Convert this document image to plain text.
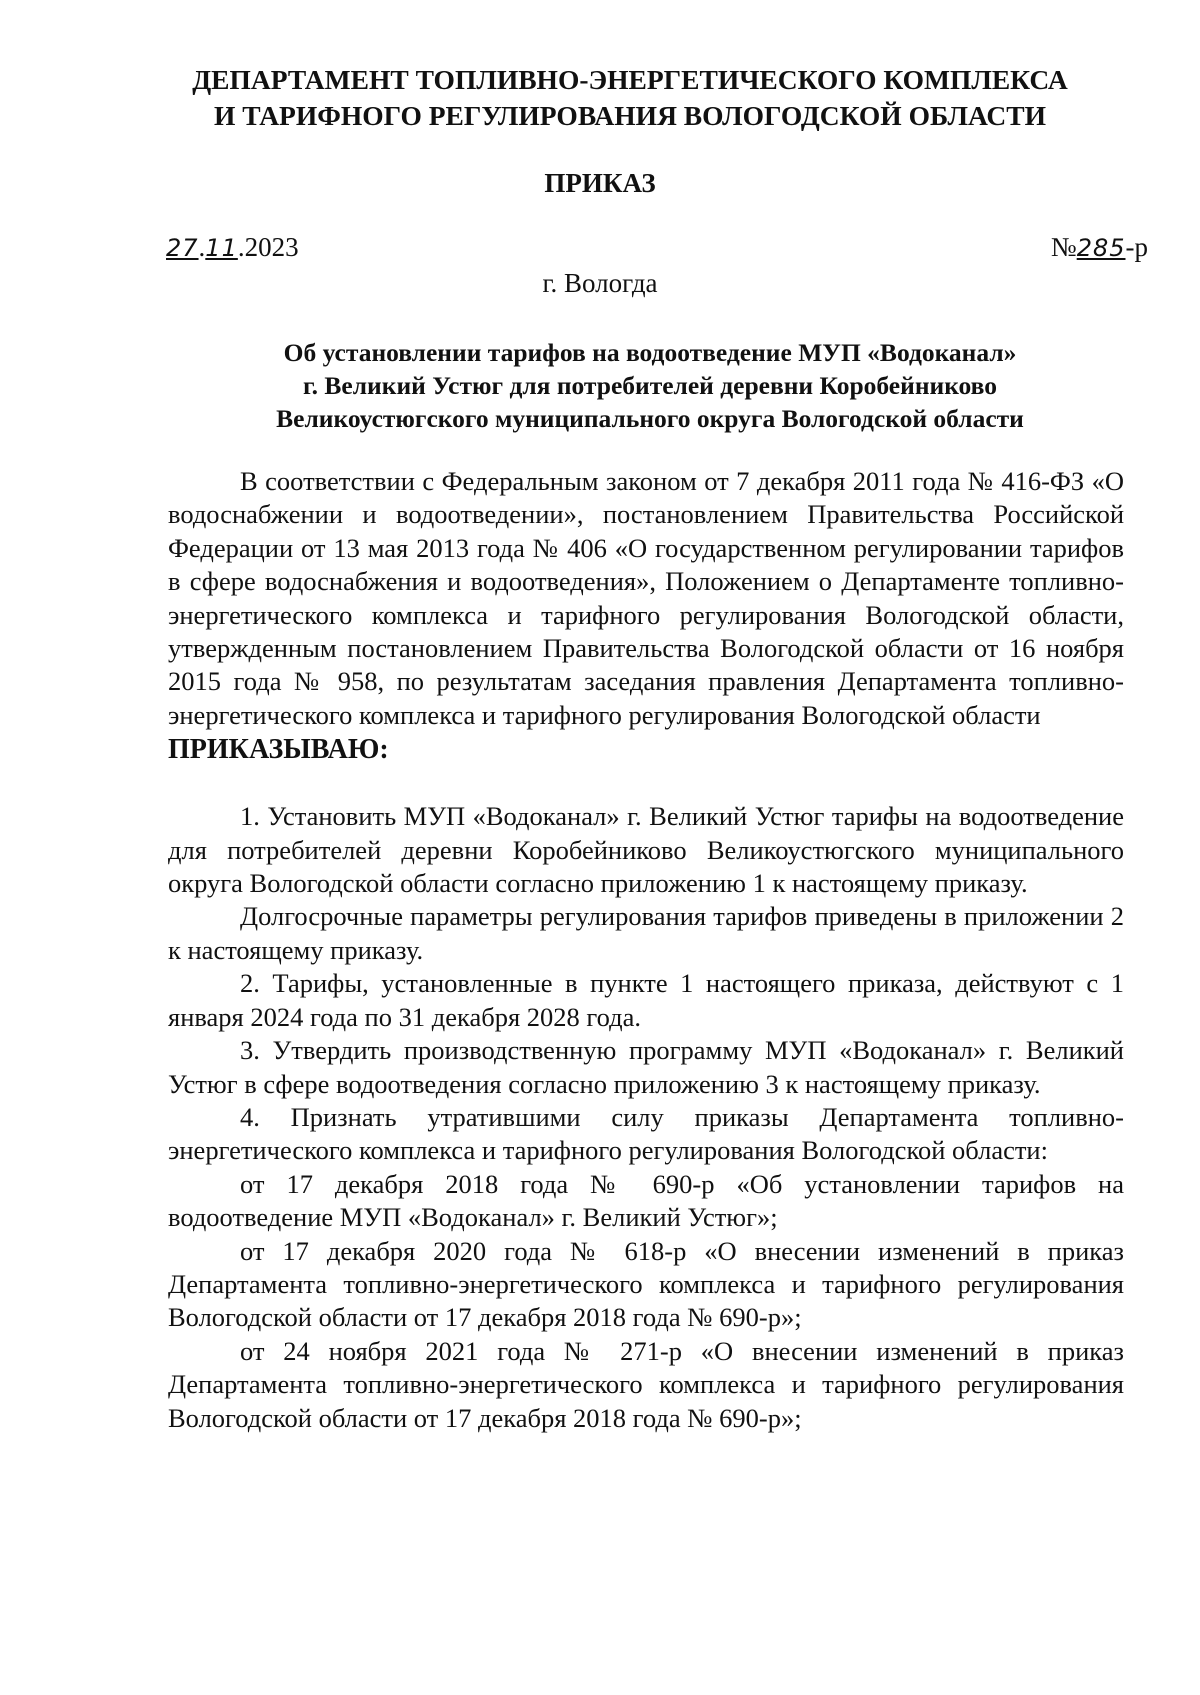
ДЕПАРТАМЕНТ ТОПЛИВНО-ЭНЕРГЕТИЧЕСКОГО КОМПЛЕКСА
И ТАРИФНОГО РЕГУЛИРОВАНИЯ ВОЛОГОДСКОЙ ОБЛАСТИ
ПРИКАЗ
27.11.2023	№285-р
г. Вологда
Об установлении тарифов на водоотведение МУП «Водоканал»
г. Великий Устюг для потребителей деревни Коробейниково
Великоустюгского муниципального округа Вологодской области

В соответствии с Федеральным законом от 7 декабря 2011 года № 416-ФЗ «О водоснабжении и водоотведении», постановлением Правительства Российской Федерации от 13 мая 2013 года № 406 «О государственном регулировании тарифов в сфере водоснабжения и водоотведения», Положением о Департаменте топливно-энергетического комплекса и тарифного регулирования Вологодской области, утвержденным постановлением Правительства Вологодской области от 16 ноября 2015 года № 958, по результатам заседания правления Департамента топливно-энергетического комплекса и тарифного регулирования Вологодской области

ПРИКАЗЫВАЮ:

1. Установить МУП «Водоканал» г. Великий Устюг тарифы на водоотведение для потребителей деревни Коробейниково Великоустюгского муниципального округа Вологодской области согласно приложению 1 к настоящему приказу.

Долгосрочные параметры регулирования тарифов приведены в приложении 2 к настоящему приказу.

2. Тарифы, установленные в пункте 1 настоящего приказа, действуют с 1 января 2024 года по 31 декабря 2028 года.

3. Утвердить производственную программу МУП «Водоканал» г. Великий Устюг в сфере водоотведения согласно приложению 3 к настоящему приказу.

4. Признать утратившими силу приказы Департамента топливно-энергетического комплекса и тарифного регулирования Вологодской области:

от 17 декабря 2018 года № 690-р «Об установлении тарифов на водоотведение МУП «Водоканал» г. Великий Устюг»;

от 17 декабря 2020 года № 618-р «О внесении изменений в приказ Департамента топливно-энергетического комплекса и тарифного регулирования Вологодской области от 17 декабря 2018 года № 690-р»;

от 24 ноября 2021 года № 271-р «О внесении изменений в приказ Департамента топливно-энергетического комплекса и тарифного регулирования Вологодской области от 17 декабря 2018 года № 690-р»;
